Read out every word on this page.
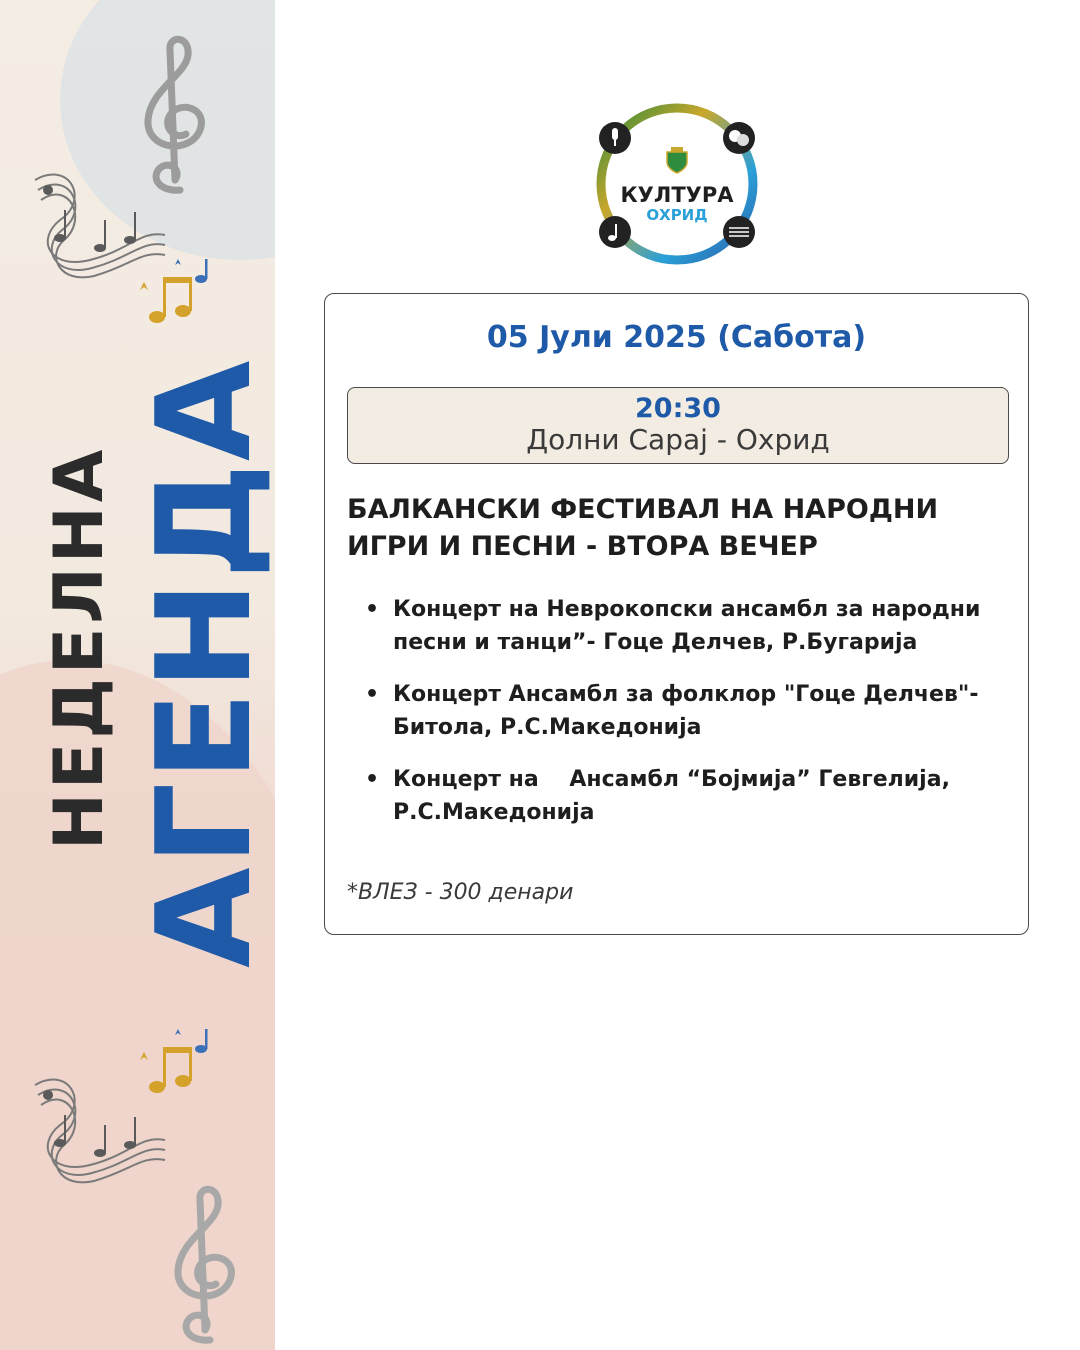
НЕДЕЛНА АГЕНДА
КУЛТУРА
ОХРИД
05 Јули 2025 (Сабота)
20:30
Долни Сарај - Охрид
БАЛКАНСКИ ФЕСТИВАЛ НА НАРОДНИ ИГРИ И ПЕСНИ - ВТОРА ВЕЧЕР
• Концерт на Неврокопски ансамбл за народни песни и танци”- Гоце Делчев, Р.Бугарија
• Концерт Ансамбл за фолклор "Гоце Делчев"- Битола, Р.С.Македонија
• Концерт на    Ансамбл “Бојмија” Гевгелија, Р.С.Македонија
*ВЛЕЗ - 300 денари
